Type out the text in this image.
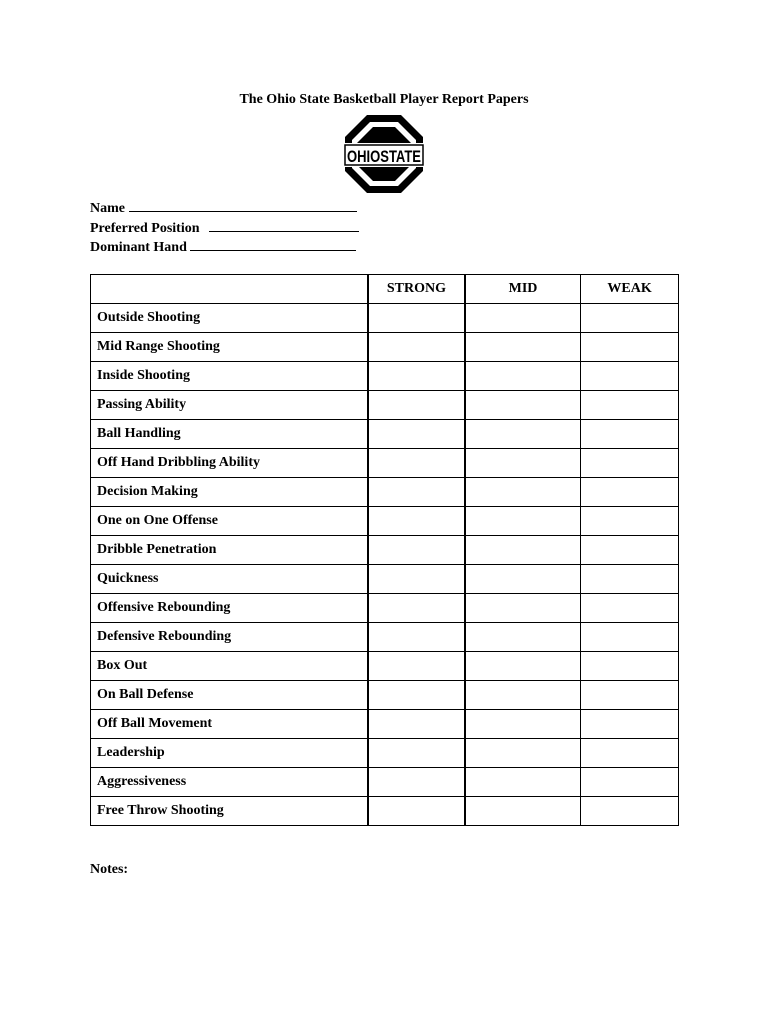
The Ohio State Basketball Player Report Papers
OHIOSTATE
Name
Preferred Position
Dominant Hand
	STRONG	MID	WEAK
Outside Shooting			
Mid Range Shooting			
Inside Shooting			
Passing Ability			
Ball Handling			
Off Hand Dribbling Ability			
Decision Making			
One on One Offense			
Dribble Penetration			
Quickness			
Offensive Rebounding			
Defensive Rebounding			
Box Out			
On Ball Defense			
Off Ball Movement			
Leadership			
Aggressiveness			
Free Throw Shooting			
Notes:
